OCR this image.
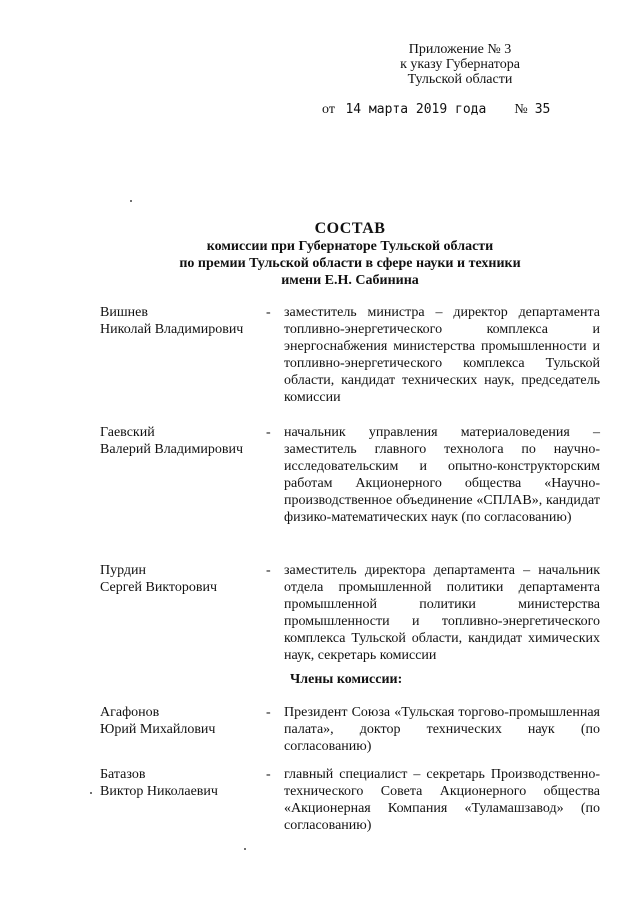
Приложение № 3
к указу Губернатора
Тульской области
от 14 марта 2019 года № 35
СОСТАВ
комиссии при Губернаторе Тульской области
по премии Тульской области в сфере науки и техники
имени Е.Н. Сабинина
Вишнев
Николай Владимирович
- заместитель министра – директор департамента топливно-энергетического комплекса и энергоснабжения министерства промышленности и топливно-энергетического комплекса Тульской области, кандидат технических наук, председатель комиссии
Гаевский
Валерий Владимирович
- начальник управления материаловедения – заместитель главного технолога по научно-исследовательским и опытно-конструкторским работам Акционерного общества «Научно-производственное объединение «СПЛАВ», кандидат физико-математических наук (по согласованию)
Пурдин
Сергей Викторович
- заместитель директора департамента – начальник отдела промышленной политики департамента промышленной политики министерства промышленности и топливно-энергетического комплекса Тульской области, кандидат химических наук, секретарь комиссии
Члены комиссии:
Агафонов
Юрий Михайлович
- Президент Союза «Тульская торгово-промышленная палата», доктор технических наук (по согласованию)
Батазов
Виктор Николаевич
- главный специалист – секретарь Производственно-технического Совета Акционерного общества «Акционерная Компания «Туламашзавод» (по согласованию)
